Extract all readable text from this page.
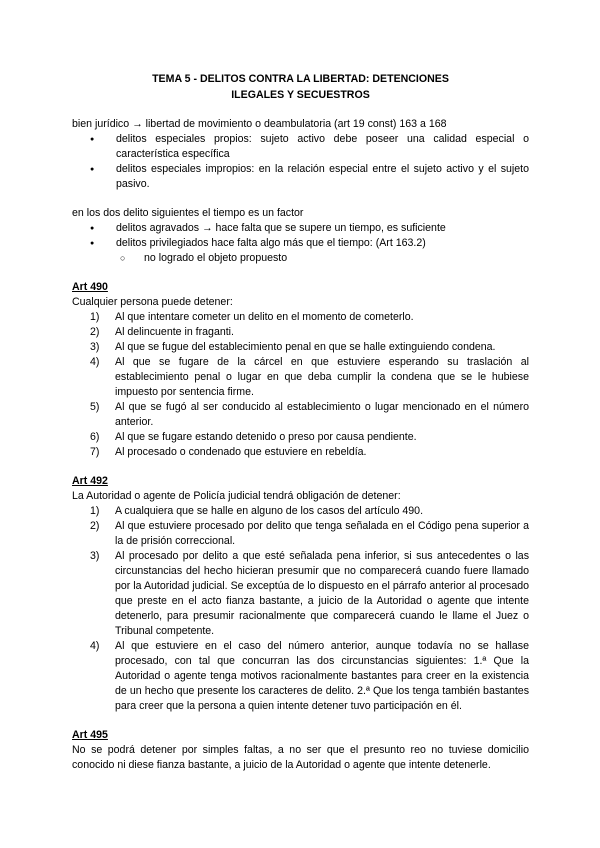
TEMA 5 - DELITOS CONTRA LA LIBERTAD: DETENCIONES
ILEGALES Y SECUESTROS

bien jurídico → libertad de movimiento o deambulatoria (art 19 const) 163 a 168

● delitos especiales propios: sujeto activo debe poseer una calidad especial o característica específica
● delitos especiales impropios: en la relación especial entre el sujeto activo y el sujeto pasivo.

en los dos delito siguientes el tiempo es un factor

● delitos agravados → hace falta que se supere un tiempo, es suficiente
● delitos privilegiados hace falta algo más que el tiempo: (Art 163.2)
○ no logrado el objeto propuesto

Art 490

Cualquier persona puede detener:

1) Al que intentare cometer un delito en el momento de cometerlo.
2) Al delincuente in fraganti.
3) Al que se fugue del establecimiento penal en que se halle extinguiendo condena.
4) Al que se fugare de la cárcel en que estuviere esperando su traslación al establecimiento penal o lugar en que deba cumplir la condena que se le hubiese impuesto por sentencia firme.
5) Al que se fugó al ser conducido al establecimiento o lugar mencionado en el número anterior.
6) Al que se fugare estando detenido o preso por causa pendiente.
7) Al procesado o condenado que estuviere en rebeldía.

Art 492

La Autoridad o agente de Policía judicial tendrá obligación de detener:

1) A cualquiera que se halle en alguno de los casos del artículo 490.
2) Al que estuviere procesado por delito que tenga señalada en el Código pena superior a la de prisión correccional.
3) Al procesado por delito a que esté señalada pena inferior, si sus antecedentes o las circunstancias del hecho hicieran presumir que no comparecerá cuando fuere llamado por la Autoridad judicial. Se exceptúa de lo dispuesto en el párrafo anterior al procesado que preste en el acto fianza bastante, a juicio de la Autoridad o agente que intente detenerlo, para presumir racionalmente que comparecerá cuando le llame el Juez o Tribunal competente.
4) Al que estuviere en el caso del número anterior, aunque todavía no se hallase procesado, con tal que concurran las dos circunstancias siguientes: 1.ª Que la Autoridad o agente tenga motivos racionalmente bastantes para creer en la existencia de un hecho que presente los caracteres de delito. 2.ª Que los tenga también bastantes para creer que la persona a quien intente detener tuvo participación en él.

Art 495

No se podrá detener por simples faltas, a no ser que el presunto reo no tuviese domicilio conocido ni diese fianza bastante, a juicio de la Autoridad o agente que intente detenerle.
